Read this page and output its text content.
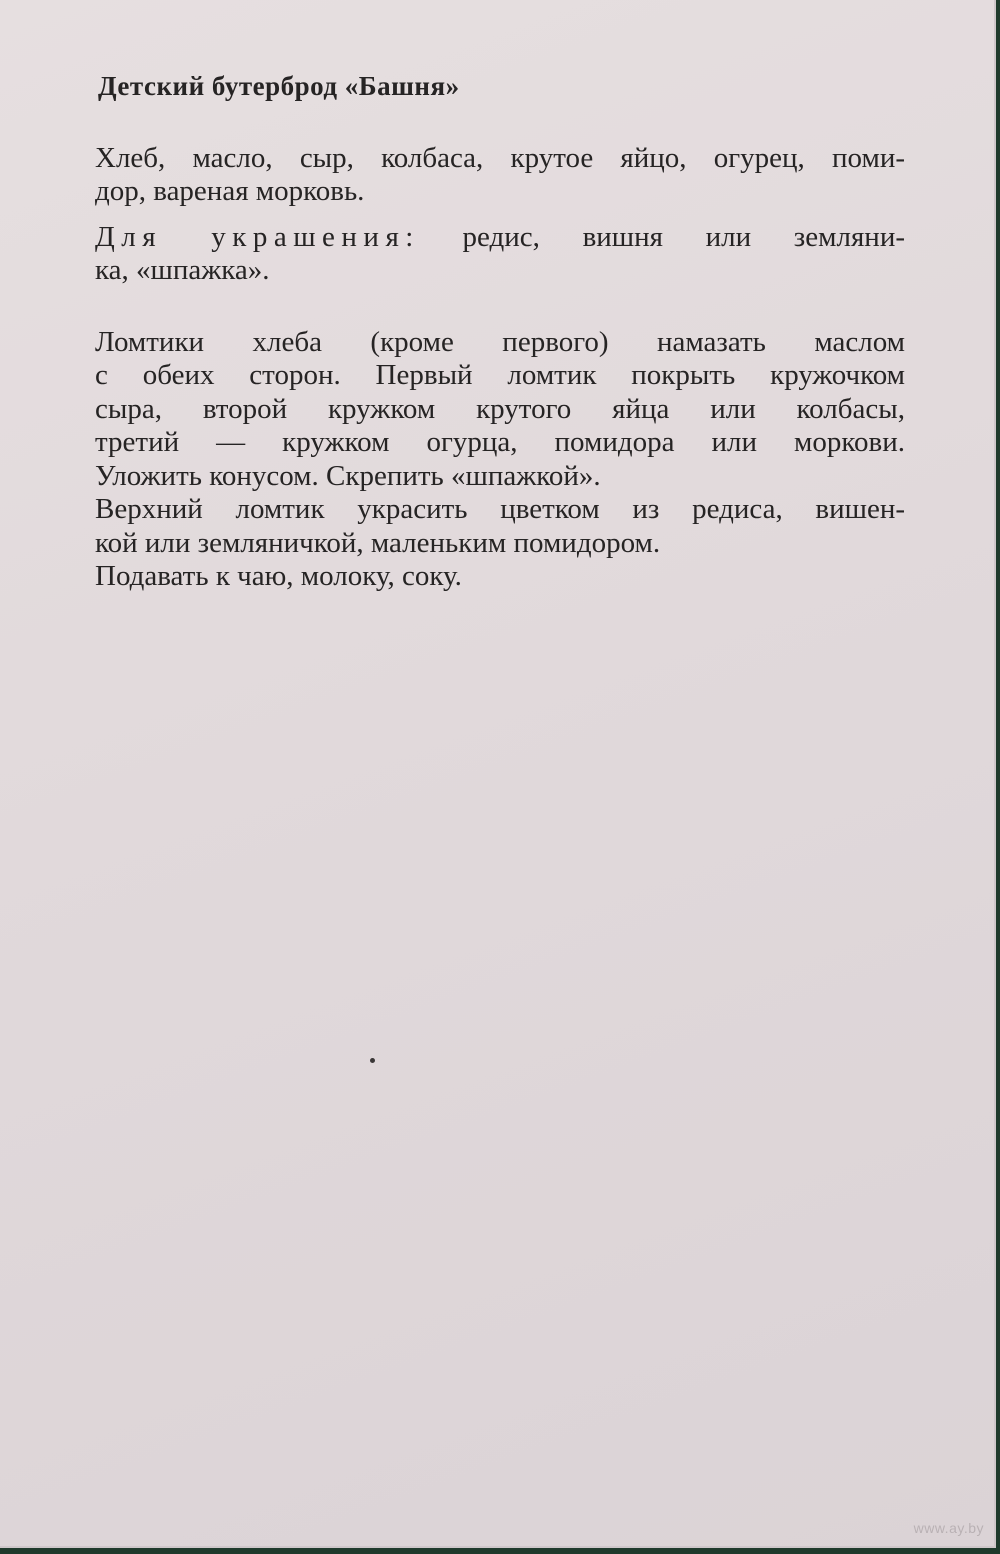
Детский бутерброд «Башня»

Хлеб, масло, сыр, колбаса, крутое яйцо, огурец, поми-
дор, вареная морковь.

Для украшения: редис, вишня или земляни-
ка, «шпажка».

Ломтики хлеба (кроме первого) намазать маслом
с обеих сторон. Первый ломтик покрыть кружочком
сыра, второй кружком крутого яйца или колбасы,
третий — кружком огурца, помидора или моркови.
Уложить конусом. Скрепить «шпажкой».
Верхний ломтик украсить цветком из редиса, вишен-
кой или земляничкой, маленьким помидором.
Подавать к чаю, молоку, соку.

www.ay.by
